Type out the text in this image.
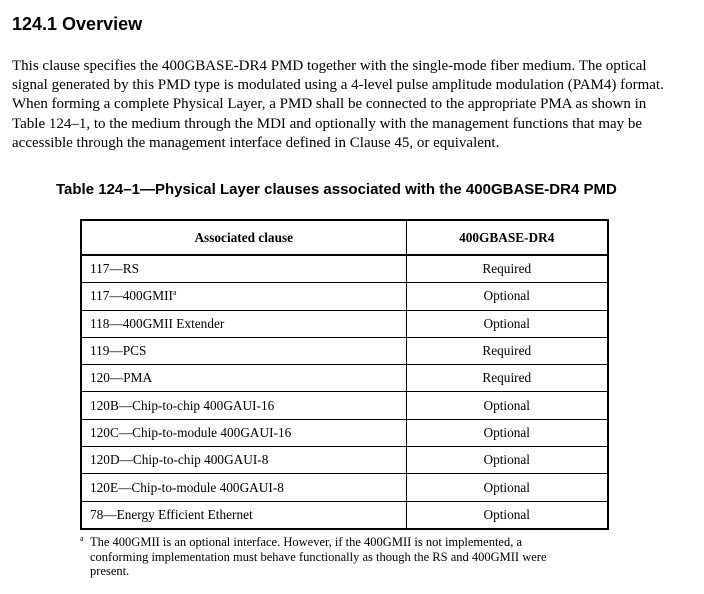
124.1 Overview
This clause specifies the 400GBASE-DR4 PMD together with the single-mode fiber medium. The optical
signal generated by this PMD type is modulated using a 4-level pulse amplitude modulation (PAM4) format.
When forming a complete Physical Layer, a PMD shall be connected to the appropriate PMA as shown in
Table 124–1, to the medium through the MDI and optionally with the management functions that may be
accessible through the management interface defined in Clause 45, or equivalent.
Table 124–1—Physical Layer clauses associated with the 400GBASE-DR4 PMD
Associated clause	400GBASE-DR4
117—RS	Required
117—400GMII$^a$	Optional
118—400GMII Extender	Optional
119—PCS	Required
120—PMA	Required
120B—Chip-to-chip 400GAUI-16	Optional
120C—Chip-to-module 400GAUI-16	Optional
120D—Chip-to-chip 400GAUI-8	Optional
120E—Chip-to-module 400GAUI-8	Optional
78—Energy Efficient Ethernet	Optional
a The 400GMII is an optional interface. However, if the 400GMII is not implemented, a
conforming implementation must behave functionally as though the RS and 400GMII were
present.
